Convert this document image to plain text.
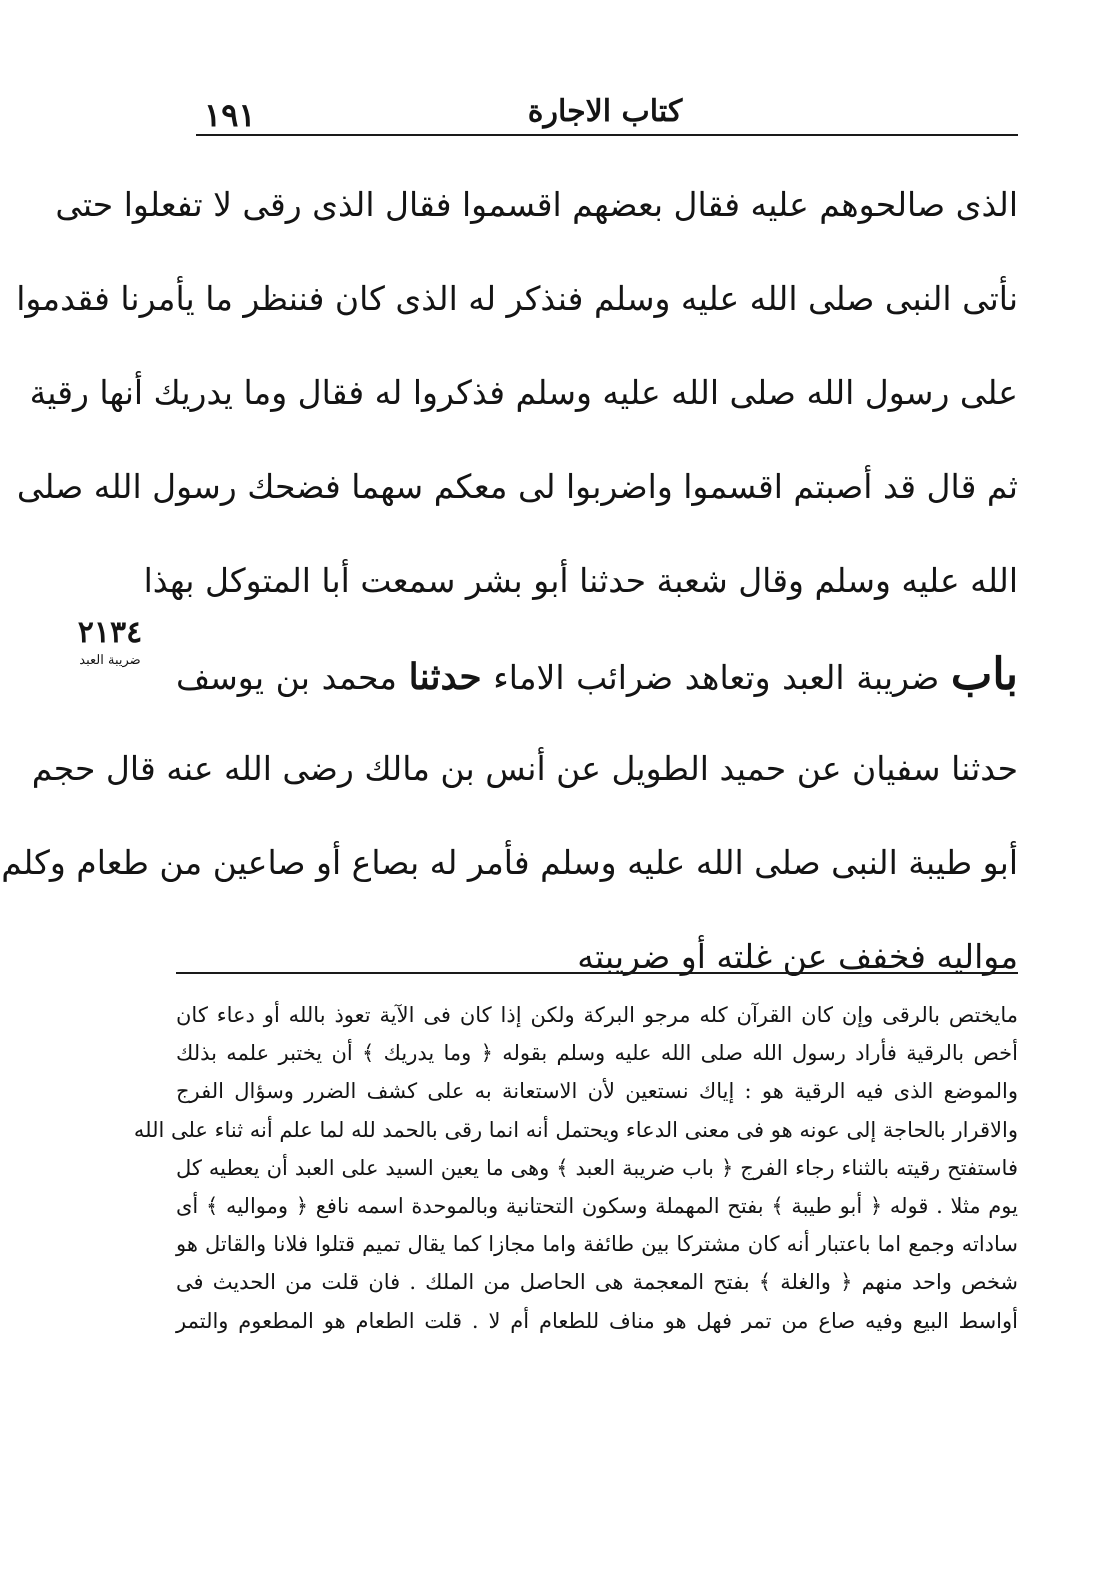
١٩١	كتاب الاجارة
الذى صالحوهم عليه فقال بعضهم اقسموا فقال الذى رقى لا تفعلوا حتى
نأتى النبى صلى الله عليه وسلم فنذكر له الذى كان فننظر ما يأمرنا فقدموا
على رسول الله صلى الله عليه وسلم فذكروا له فقال وما يدريك أنها رقية
ثم قال قد أصبتم اقسموا واضربوا لى معكم سهما فضحك رسول الله صلى
الله عليه وسلم وقال شعبة حدثنا أبو بشر سمعت أبا المتوكل بهذا
باب ضريبة العبد وتعاهد ضرائب الاماء حدثنا محمد بن يوسف
حدثنا سفيان عن حميد الطويل عن أنس بن مالك رضى الله عنه قال حجم
أبو طيبة النبى صلى الله عليه وسلم فأمر له بصاع أو صاعين من طعام وكلم
مواليه فخفف عن غلته أو ضريبته
٢١٣٤
ضريبة العبد
مايختص بالرقى وإن كان القرآن كله مرجو البركة ولكن إذا كان فى الآية تعوذ بالله أو دعاء كان
أخص بالرقية فأراد رسول الله صلى الله عليه وسلم بقوله ﴿ وما يدريك ﴾ أن يختبر علمه بذلك
والموضع الذى فيه الرقية هو : إياك نستعين لأن الاستعانة به على كشف الضرر وسؤال الفرج
والاقرار بالحاجة إلى عونه هو فى معنى الدعاء ويحتمل أنه انما رقى بالحمد لله لما علم أنه ثناء على الله
فاستفتح رقيته بالثناء رجاء الفرج ﴿ باب ضريبة العبد ﴾ وهى ما يعين السيد على العبد أن يعطيه كل
يوم مثلا . قوله ﴿ أبو طيبة ﴾ بفتح المهملة وسكون التحتانية وبالموحدة اسمه نافع ﴿ ومواليه ﴾ أى
ساداته وجمع اما باعتبار أنه كان مشتركا بين طائفة واما مجازا كما يقال تميم قتلوا فلانا والقاتل هو
شخص واحد منهم ﴿ والغلة ﴾ بفتح المعجمة هى الحاصل من الملك . فان قلت من الحديث فى
أواسط البيع وفيه صاع من تمر فهل هو مناف للطعام أم لا . قلت الطعام هو المطعوم والتمر
